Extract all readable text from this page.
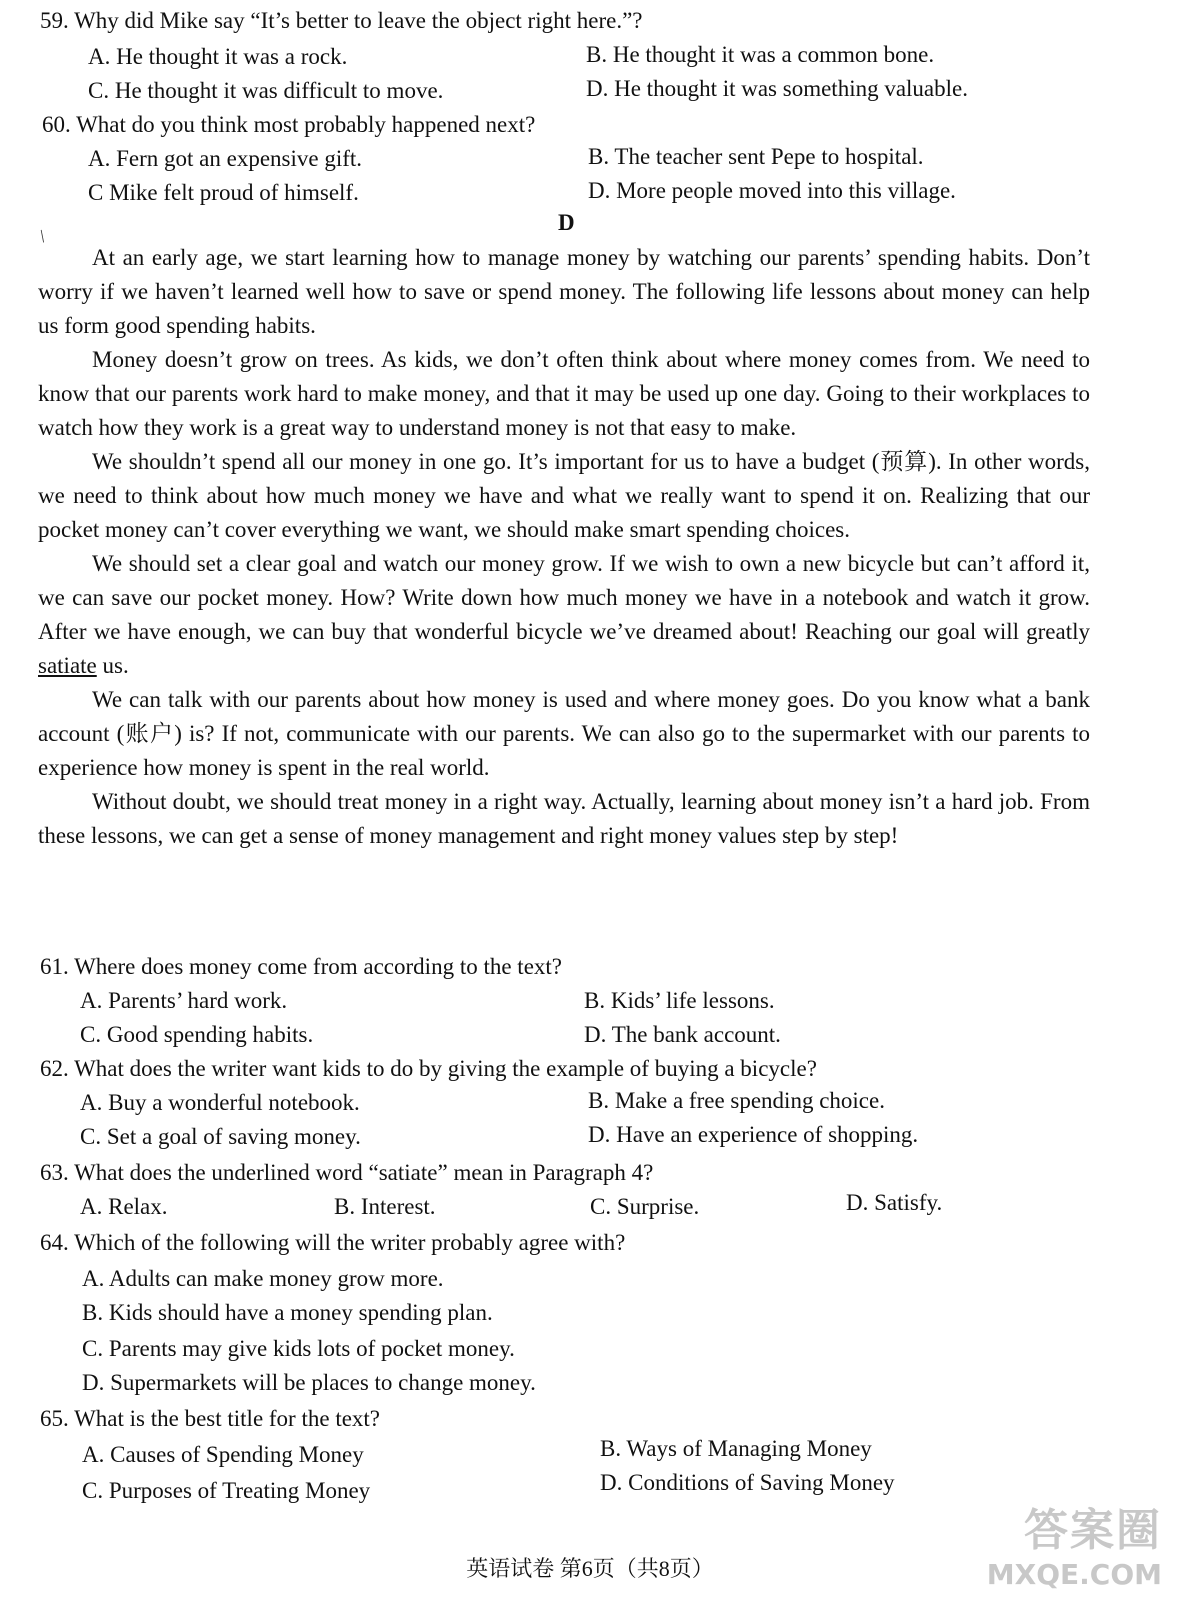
59. Why did Mike say “It’s better to leave the object right here.”?
A. He thought it was a rock.	B. He thought it was a common bone.
C. He thought it was difficult to move.	D. He thought it was something valuable.
60. What do you think most probably happened next?
A. Fern got an expensive gift.	B. The teacher sent Pepe to hospital.
C Mike felt proud of himself.	D. More people moved into this village.
D
/

At an early age, we start learning how to manage money by watching our parents’ spending habits. Don’t worry if we haven’t learned well how to save or spend money. The following life lessons about money can help us form good spending habits.

Money doesn’t grow on trees. As kids, we don’t often think about where money comes from. We need to know that our parents work hard to make money, and that it may be used up one day. Going to their workplaces to watch how they work is a great way to understand money is not that easy to make.

We shouldn’t spend all our money in one go. It’s important for us to have a budget (预算). In other words, we need to think about how much money we have and what we really want to spend it on. Realizing that our pocket money can’t cover everything we want, we should make smart spending choices.

We should set a clear goal and watch our money grow. If we wish to own a new bicycle but can’t afford it, we can save our pocket money. How? Write down how much money we have in a notebook and watch it grow. After we have enough, we can buy that wonderful bicycle we’ve dreamed about! Reaching our goal will greatly satiate us.

We can talk with our parents about how money is used and where money goes. Do you know what a bank account (账户) is? If not, communicate with our parents. We can also go to the supermarket with our parents to experience how money is spent in the real world.

Without doubt, we should treat money in a right way. Actually, learning about money isn’t a hard job. From these lessons, we can get a sense of money management and right money values step by step!

61. Where does money come from according to the text?
A. Parents’ hard work.	B. Kids’ life lessons.
C. Good spending habits.	D. The bank account.
62. What does the writer want kids to do by giving the example of buying a bicycle?
A. Buy a wonderful notebook.	B. Make a free spending choice.
C. Set a goal of saving money.	D. Have an experience of shopping.
63. What does the underlined word “satiate” mean in Paragraph 4?
A. Relax.	B. Interest.	C. Surprise.	D. Satisfy.
64. Which of the following will the writer probably agree with?
A. Adults can make money grow more.
B. Kids should have a money spending plan.
C. Parents may give kids lots of pocket money.
D. Supermarkets will be places to change money.
65. What is the best title for the text?
A. Causes of Spending Money	B. Ways of Managing Money
C. Purposes of Treating Money	D. Conditions of Saving Money
英语试卷 第6页（共8页）
答案圈
MXQE.COM
